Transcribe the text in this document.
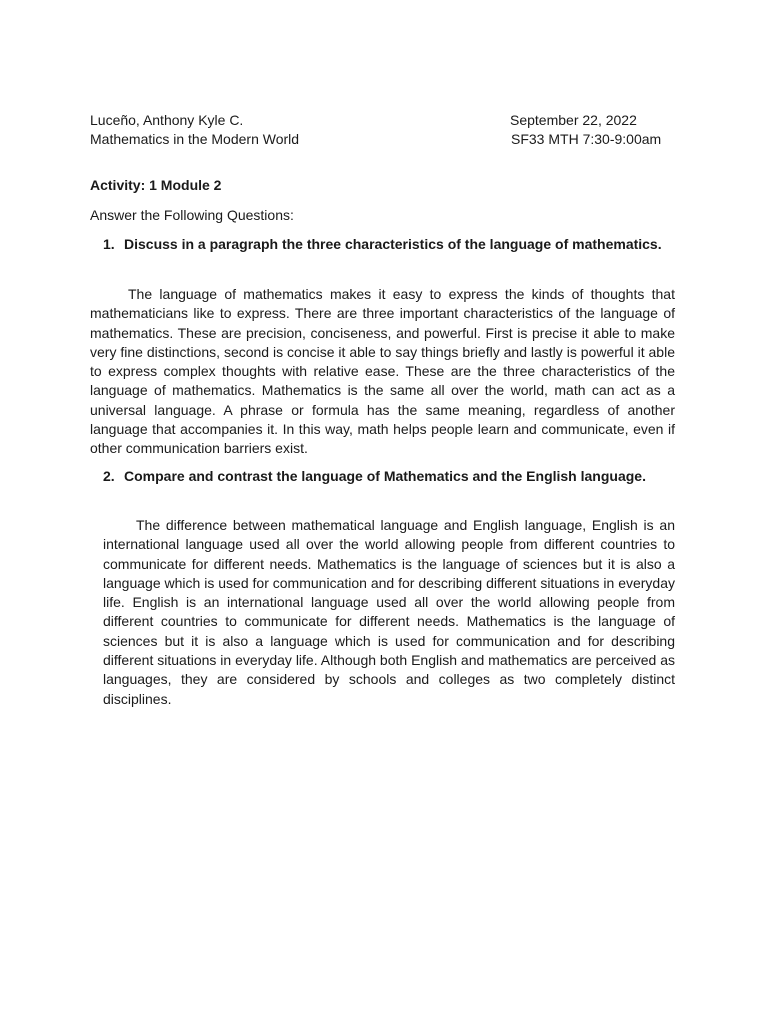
Luceño, Anthony Kyle C.	September 22, 2022
Mathematics in the Modern World	SF33 MTH 7:30-9:00am
Activity: 1 Module 2
Answer the Following Questions:
1. Discuss in a paragraph the three characteristics of the language of mathematics.
The language of mathematics makes it easy to express the kinds of thoughts that mathematicians like to express. There are three important characteristics of the language of mathematics. These are precision, conciseness, and powerful. First is precise it able to make very fine distinctions, second is concise it able to say things briefly and lastly is powerful it able to express complex thoughts with relative ease. These are the three characteristics of the language of mathematics. Mathematics is the same all over the world, math can act as a universal language. A phrase or formula has the same meaning, regardless of another language that accompanies it. In this way, math helps people learn and communicate, even if other communication barriers exist.
2. Compare and contrast the language of Mathematics and the English language.
The difference between mathematical language and English language, English is an international language used all over the world allowing people from different countries to communicate for different needs. Mathematics is the language of sciences but it is also a language which is used for communication and for describing different situations in everyday life. English is an international language used all over the world allowing people from different countries to communicate for different needs. Mathematics is the language of sciences but it is also a language which is used for communication and for describing different situations in everyday life. Although both English and mathematics are perceived as languages, they are considered by schools and colleges as two completely distinct disciplines.
